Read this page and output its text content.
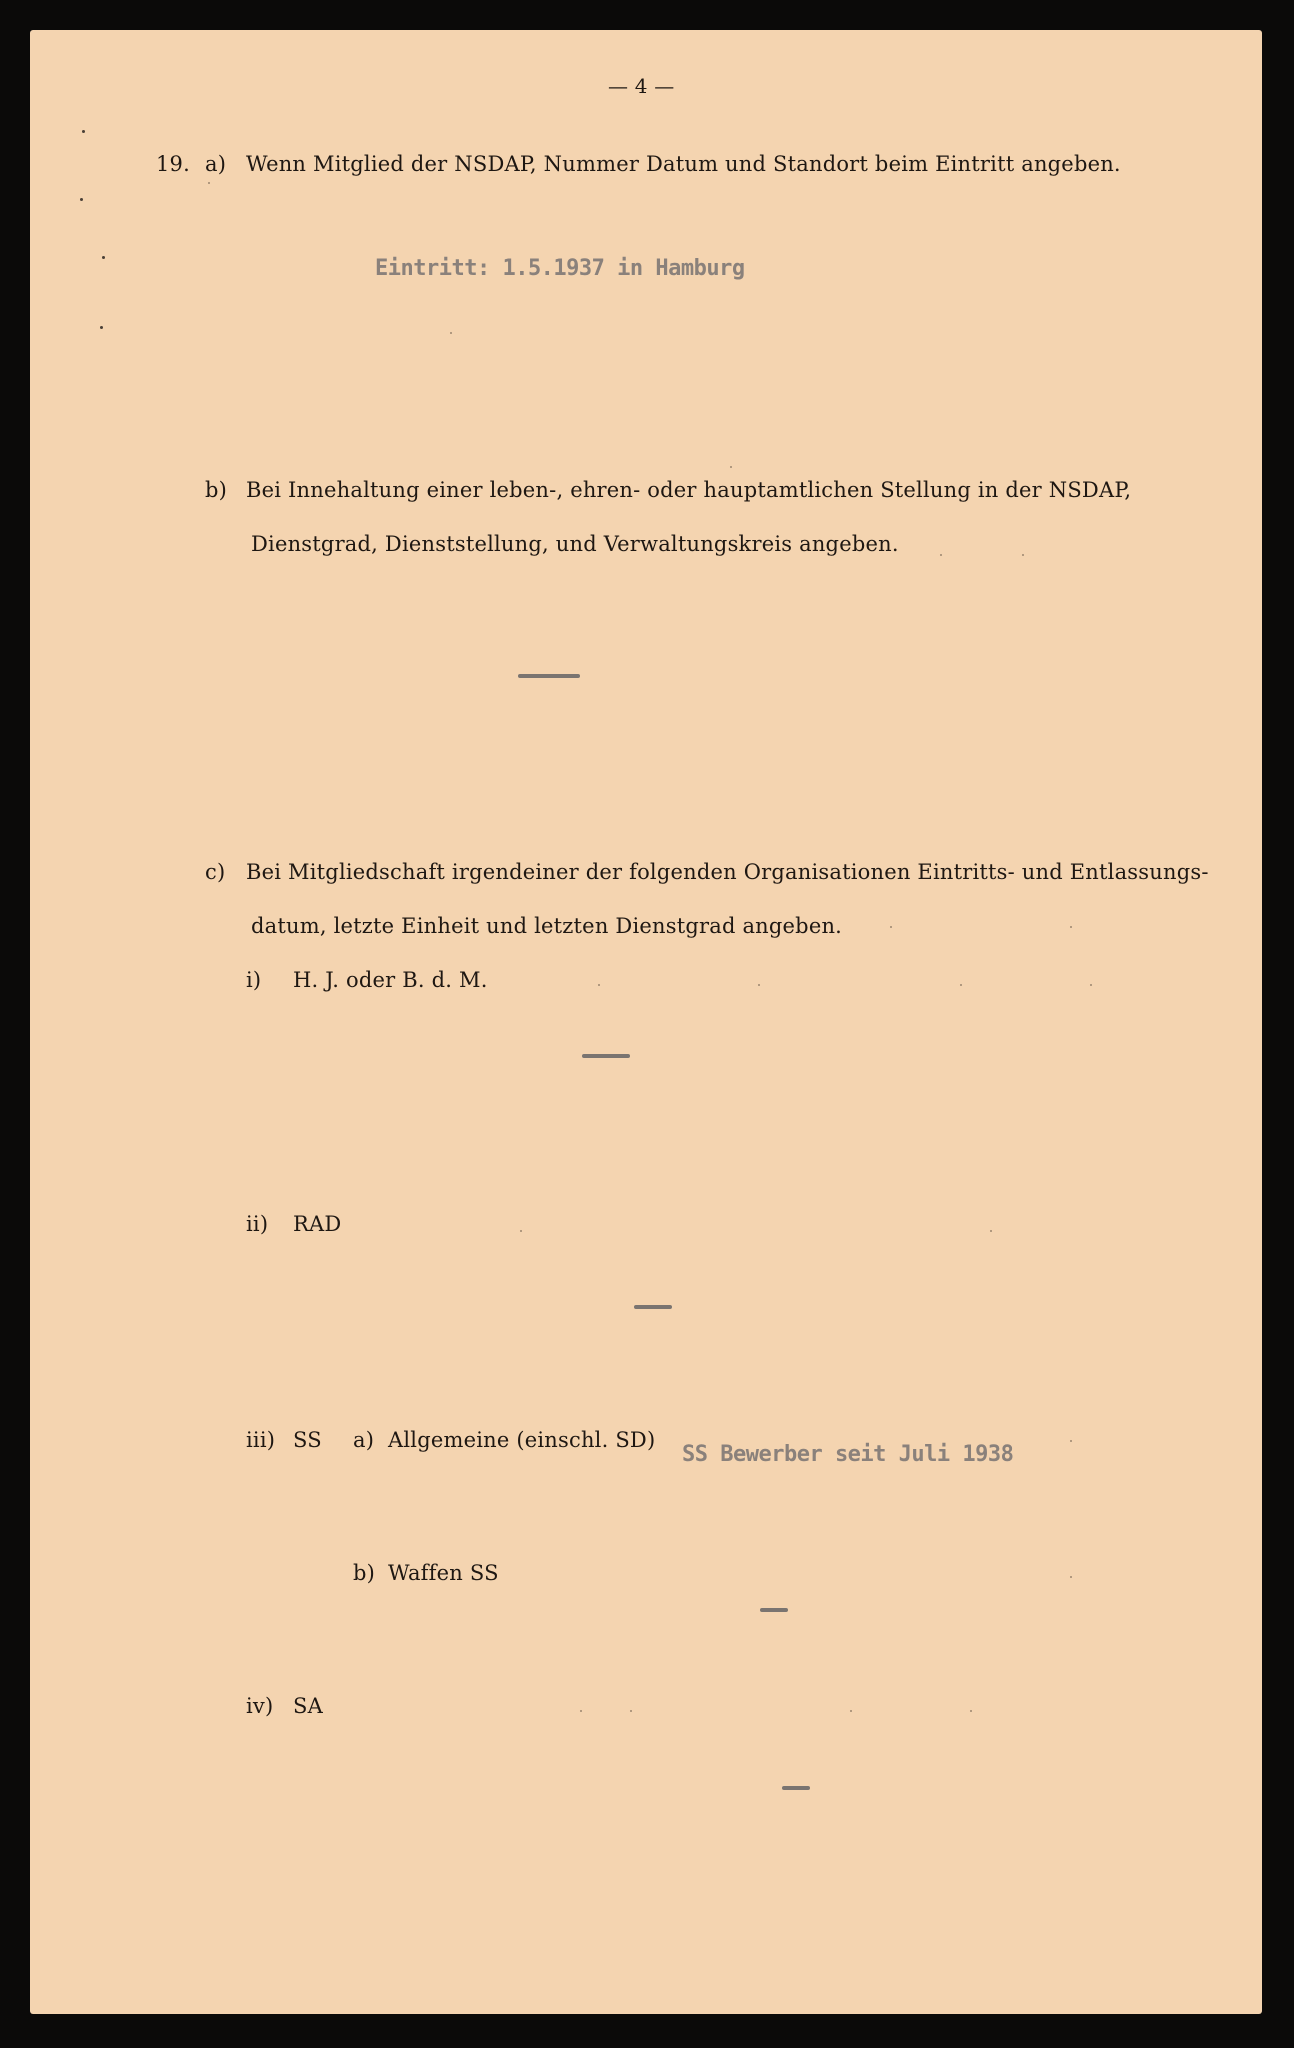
— 4 —
19. a) Wenn Mitglied der NSDAP, Nummer Datum und Standort beim Eintritt angeben.
Eintritt: 1.5.1937 in Hamburg
b) Bei Innehaltung einer leben-, ehren- oder hauptamtlichen Stellung in der NSDAP,
Dienstgrad, Dienststellung, und Verwaltungskreis angeben.
c) Bei Mitgliedschaft irgendeiner der folgenden Organisationen Eintritts- und Entlassungs-
datum, letzte Einheit und letzten Dienstgrad angeben.
i) H. J. oder B. d. M.
ii) RAD
iii) SS a) Allgemeine (einschl. SD)
SS Bewerber seit Juli 1938
b) Waffen SS
iv) SA
